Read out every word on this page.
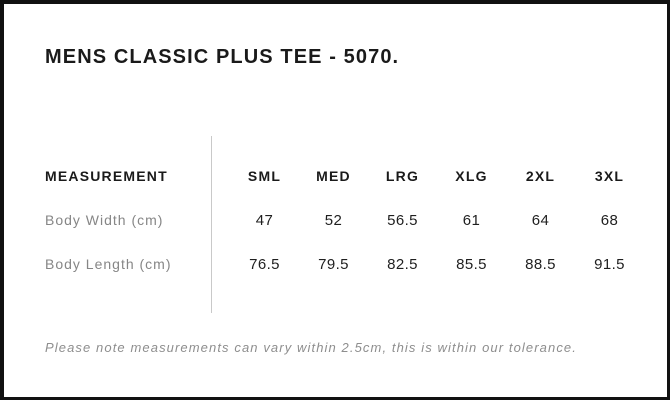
MENS CLASSIC PLUS TEE - 5070.
MEASUREMENT	SML	MED	LRG	XLG	2XL	3XL
Body Width (cm)	47	52	56.5	61	64	68
Body Length (cm)	76.5	79.5	82.5	85.5	88.5	91.5

Please note measurements can vary within 2.5cm, this is within our tolerance.
